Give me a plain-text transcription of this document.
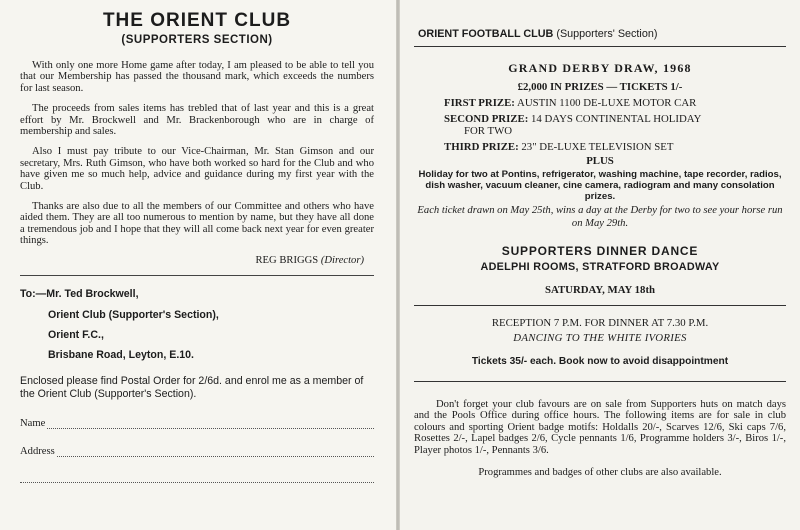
THE ORIENT CLUB
(SUPPORTERS SECTION)

With only one more Home game after today, I am pleased to be able to tell you that our Membership has passed the thousand mark, which exceeds the numbers for last season.

The proceeds from sales items has trebled that of last year and this is a great effort by Mr. Brockwell and Mr. Brackenborough who are in charge of membership and sales.

Also I must pay tribute to our Vice-Chairman, Mr. Stan Gimson and our secretary, Mrs. Ruth Gimson, who have both worked so hard for the Club and who have given me so much help, advice and guidance during my first year with the Club.

Thanks are also due to all the members of our Committee and others who have aided them. They are all too numerous to mention by name, but they have all done a tremendous job and I hope that they will all come back next year for even greater things.

REG BRIGGS (Director)
To:—Mr. Ted Brockwell,
Orient Club (Supporter's Section),
Orient F.C.,
Brisbane Road, Leyton, E.10.
Enclosed please find Postal Order for 2/6d. and enrol me as a member of the Orient Club (Supporter's Section).
Name
Address
ORIENT FOOTBALL CLUB (Supporters' Section)
GRAND DERBY DRAW, 1968
£2,000 IN PRIZES — TICKETS 1/-
FIRST PRIZE: AUSTIN 1100 DE-LUXE MOTOR CAR
SECOND PRIZE: 14 DAYS CONTINENTAL HOLIDAY
FOR TWO
THIRD PRIZE: 23" DE-LUXE TELEVISION SET
PLUS
Holiday for two at Pontins, refrigerator, washing machine, tape recorder, radios, dish washer, vacuum cleaner, cine camera, radiogram and many consolation prizes.
Each ticket drawn on May 25th, wins a day at the Derby for two to see your horse run on May 29th.
SUPPORTERS DINNER DANCE
ADELPHI ROOMS, STRATFORD BROADWAY
SATURDAY, MAY 18th
RECEPTION 7 P.M. FOR DINNER AT 7.30 P.M.
DANCING TO THE WHITE IVORIES
Tickets 35/- each. Book now to avoid disappointment

Don't forget your club favours are on sale from Supporters huts on match days and the Pools Office during office hours. The following items are for sale in club colours and sporting Orient badge motifs: Holdalls 20/-, Scarves 12/6, Ski caps 7/6, Rosettes 2/-, Lapel badges 2/6, Cycle pennants 1/6, Programme holders 3/-, Biros 1/-, Player photos 1/-, Pennants 3/6.

Programmes and badges of other clubs are also available.
